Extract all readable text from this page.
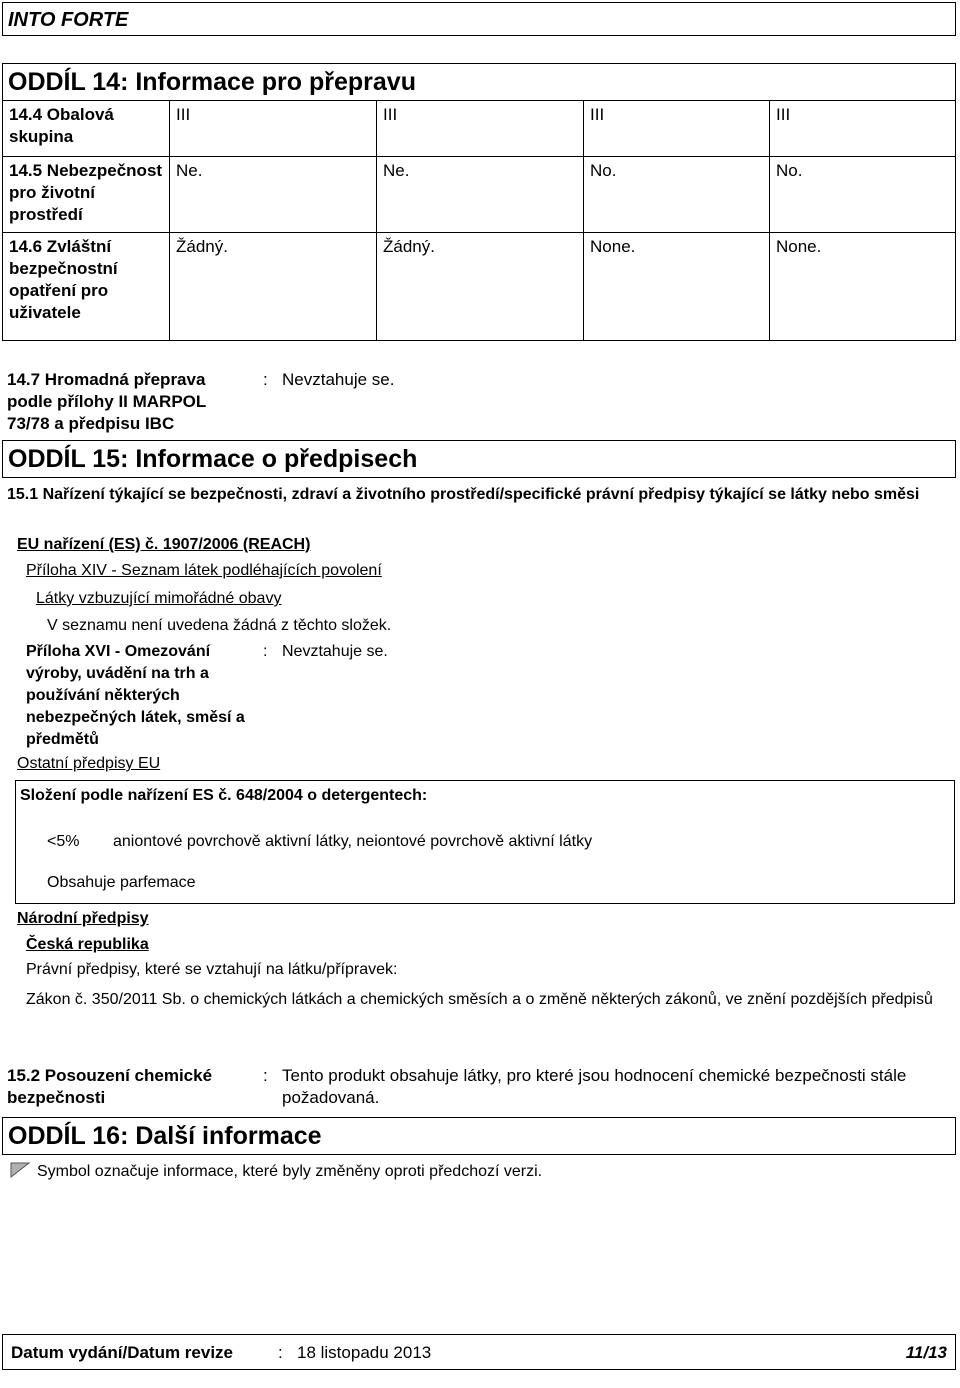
INTO FORTE
ODDÍL 14: Informace pro přepravu
14.4 Obalová skupina	III	III	III	III
14.5 Nebezpečnost pro životní prostředí	Ne.	Ne.	No.	No.
14.6 Zvláštní bezpečnostní opatření pro uživatele	Žádný.	Žádný.	None.	None.
14.7 Hromadná přeprava podle přílohy II MARPOL 73/78 a předpisu IBC
: Nevztahuje se.
ODDÍL 15: Informace o předpisech
15.1 Nařízení týkající se bezpečnosti, zdraví a životního prostředí/specifické právní předpisy týkající se látky nebo směsi
EU nařízení (ES) č. 1907/2006 (REACH)
Příloha XIV - Seznam látek podléhajících povolení
Látky vzbuzující mimořádné obavy
V seznamu není uvedena žádná z těchto složek.
Příloha XVI - Omezování výroby, uvádění na trh a používání některých nebezpečných látek, směsí a předmětů
: Nevztahuje se.
Ostatní předpisy EU
Složení podle nařízení ES č. 648/2004 o detergentech:
<5% aniontové povrchově aktivní látky, neiontové povrchově aktivní látky
Obsahuje parfemace
Národní předpisy
Česká republika
Právní předpisy, které se vztahují na látku/přípravek:
Zákon č. 350/2011 Sb. o chemických látkách a chemických směsích a o změně některých zákonů, ve znění pozdějších předpisů
15.2 Posouzení chemické bezpečnosti
: Tento produkt obsahuje látky, pro které jsou hodnocení chemické bezpečnosti stále požadovaná.
ODDÍL 16: Další informace
Symbol označuje informace, které byly změněny oproti předchozí verzi.
Datum vydání/Datum revize	: 18 listopadu 2013	11/13
